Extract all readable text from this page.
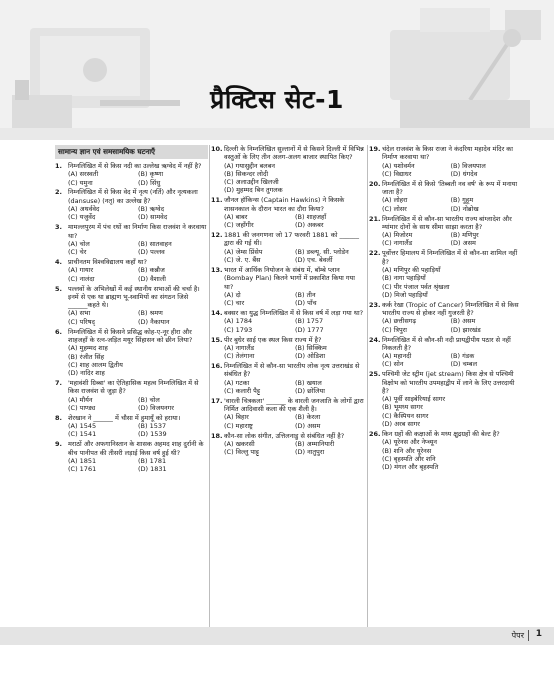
प्रैक्टिस सेट-1
सामान्य ज्ञान एवं समसामयिक घटनाएँ
1. निम्नलिखित में से किस नदी का उल्लेख ऋग्वेद में नहीं है?
(A) सरस्वती	(B) कृष्णा
(C) यमुना	(D) सिंधु
2. निम्नलिखित में से किस वेद में नृत्य (नर्ति) और नृत्यकला (dansuse) (नतृ) का उल्लेख है?
(A) अथर्ववेद	(B) ऋग्वेद
(C) यजुर्वेद	(D) सामवेद
3. मामल्लपुरम में पंच रथों का निर्माण किस राजवंश ने करवाया था?
(A) चोल	(B) सातवाहन
(C) चेर	(D) पल्लव
4. प्राचीनतम विश्वविद्यालय कहाँ था?
(A) गायार	(B) कन्नौज
(C) नालंदा	(D) वैशाली
5. पल्लवों के अभिलेखों में कई स्थानीय सभाओं की चर्चा है। इनमें से एक था ब्राह्मण भू-स्वामियों का संगठन जिसे ______कहते थे।
(A) सभा	(B) श्रमण
(C) परिषद्	(D) नैकायान
6. निम्नलिखित में से किसने प्रसिद्ध कोह-ए-नूर हीरा और शाहजहाँ के रत्न-जड़ित मयूर सिंहासन को छीन लिया?
(A) मुहम्मद शाह
(B) रंजीत सिंह
(C) शाह आलम द्वितीय
(D) नादिर शाह
7. 'महावंशी ग्रिब्बा' का ऐतिहासिक महत्व निम्नलिखित में से किस राजवंश से जुड़ा है?
(A) मौर्यन	(B) चोल
(C) पाण्ड्य	(D) विजयनगर
8. शेरखान ने ______ में चौसा में हुमायूँ को हराया।
(A) 1545	(B) 1537
(C) 1541	(D) 1539
9. मराठों और अफगानिस्तान के शासक अहमद शाह दुर्रानी के बीच पानीपत की तीसरी लड़ाई किस वर्ष हुई थी?
(A) 1851	(B) 1781
(C) 1761	(D) 1831
10. दिल्ली के निम्नलिखित सुल्तानों में से किसने दिल्ली में विभिन्न वस्तुओं के लिए तीन अलग-अलग बाजार स्थापित किए?
(A) गयासुद्दीन बलबन
(B) सिकन्दर लोदी
(C) अलाउद्दीन खिलजी
(D) मुहम्मद बिन तुगलक
11. जौनल हॉकिन्स (Captain Hawkins) ने किसके शासनकाल के दौरान भारत का दौरा किया?
(A) बाबर	(B) शाहजहाँ
(C) जहाँगीर	(D) अकबर
12. 1881 की जनगणना जो 17 फरवरी 1881 को ______ द्वारा की गई थी।
(A) जेम्स प्रिंसेप	(B) डब्ल्यू. सी. प्लोडेन
(C) जे. ए. बैंस	(D) एच. बेवर्ली
13. भारत में आर्थिक नियोजन के संबंध में, बॉम्बे प्लान (Bombay Plan) कितने भागों में प्रकाशित किया गया था?
(A) दो	(B) तीन
(C) चार	(D) पाँच
14. बक्सर का युद्ध निम्नलिखित में से किस वर्ष में लड़ा गया था?
(A) 1784	(B) 1757
(C) 1793	(D) 1777
15. पीर बुधेर साई एक स्थल किस राज्य में है?
(A) नागालैंड	(B) सिक्किम
(C) तेलंगाना	(D) ओडिशा
16. निम्नलिखित में से कौन-सा भारतीय लोक नृत्य उत्तराखंड से संबंधित है?
(A) गटका	(B) खयाल
(C) कलारी पैट्टू	(D) छोलिया
17. 'वारली चित्रकला' ______ के वारली जनजाति के लोगों द्वारा निर्मित आदिवासी कला की एक शैली है।
(A) बिहार	(B) केरला
(C) महाराष्ट्र	(D) असम
18. कौन-सा लोक संगीत, उत्तिलनाडु से संबंधित नहीं है?
(A) खकरसी	(B) अम्मानियारी
(C) विल्लु पाट्टू	(D) नातुपुरा
19. चंदेल राजवंश के किस राजा ने कंदरिया महादेव मंदिर का निर्माण करवाया था?
(A) यशोवर्मन	(B) विजयपाल
(C) विद्याधर	(D) धंगदेव
20. निम्नलिखित में से किसे 'तिब्बती नव वर्ष' के रूप में मनाया जाता है?
(A) लोहरा	(B) गुहूम
(C) लोसर	(D) नोब्रोख
21. निम्नलिखित में से कौन-सा भारतीय राज्य बांग्लादेश और म्यांमार दोनों के साथ सीमा साझा करता है?
(A) मिजोरम	(B) मणिपुर
(C) नागालैंड	(D) असम
22. पूर्वोत्तर हिमालय में निम्नलिखित में से कौन-सा शामिल नहीं है?
(A) मणिपुर की पहाड़ियाँ
(B) नागा पहाड़ियाँ
(C) पीर पंजाल पर्वत श्रृंखला
(D) मिजो पहाड़ियाँ
23. कर्क रेखा (Tropic of Cancer) निम्नलिखित में से किस भारतीय राज्य से होकर नहीं गुजरती है?
(A) छत्तीसगढ़	(B) असम
(C) त्रिपुरा	(D) झारखंड
24. निम्नलिखित में से कौन-सी नदी प्रायद्वीपीय पठार से नहीं निकलती है?
(A) महानदी	(B) गंडक
(C) सोन	(D) चम्बल
25. पश्चिमी जेट स्ट्रीम (jet stream) किस क्षेत्र से पश्चिमी विक्षोभ को भारतीय उपमहाद्वीप में लाने के लिए उत्तरदायी है?
(A) पूर्वी साइबेरियाई सागर
(B) भूमध्य सागर
(C) कैस्पियन सागर
(D) अरब सागर
26. किन ग्रहों की कक्षाओं के मध्य क्षुद्रग्रहों की बेल्ट है?
(A) यूरेनस और नेप्च्यून
(B) शनि और यूरेनस
(C) बृहस्पति और शनि
(D) मंगल और बृहस्पति
पेपर 1
